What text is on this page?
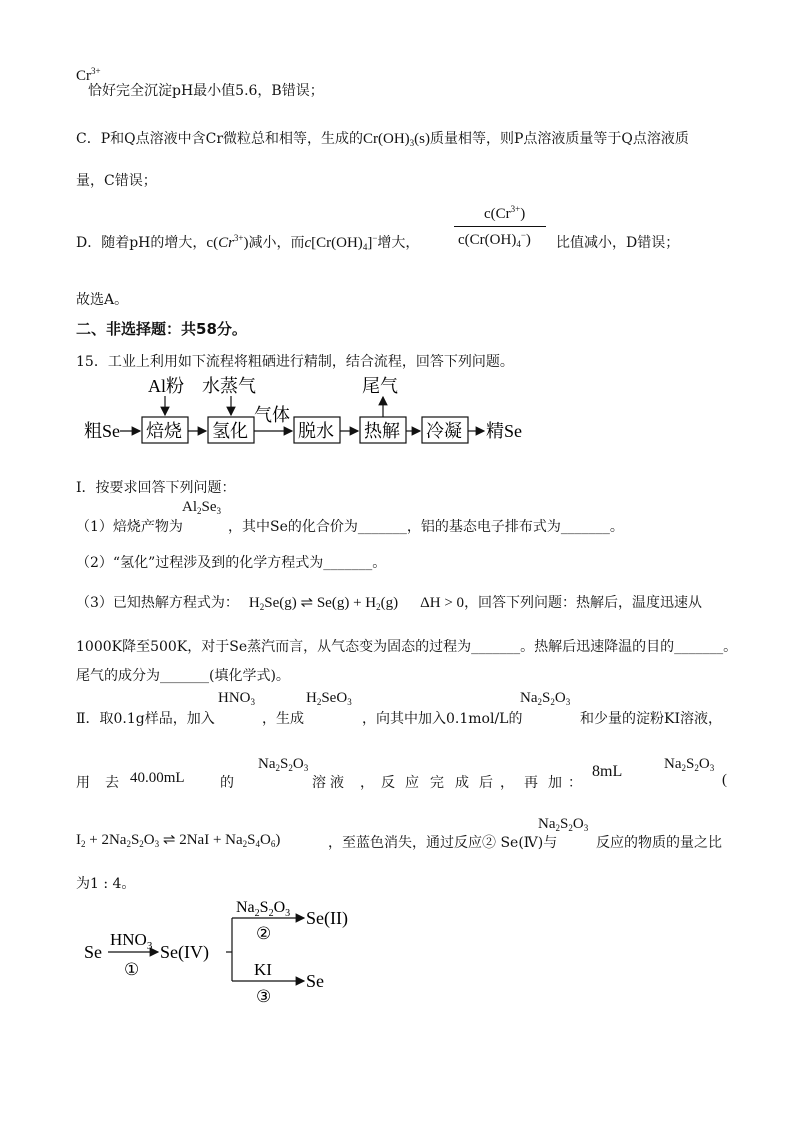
$Cr^{3+}$
恰好完全沉淀pH最小值5.6，B错误；
C．P和Q点溶液中含Cr微粒总和相等，生成的$Cr(OH)_3(s)$质量相等，则P点溶液质量等于Q点溶液质
量，C错误；
D．随着pH的增大，$c(Cr^{3+})$减小，而$c[Cr(OH)_4]^-$增大，
$c(Cr^{3+})$
$c(Cr(OH)_4^-)$ 比值减小，D错误；
故选A。
二、非选择题：共58分。
15．工业上利用如下流程将粗硒进行精制，结合流程，回答下列问题。
粗Se 焙烧 氢化
气体
脱水 热解 冷凝 精Se
Al粉 水蒸气	尾气
Ⅰ．按要求回答下列问题：
（1）焙烧产物为
$Al_2Se_3$
，其中Se的化合价为_______，铝的基态电子排布式为_______。
（2）“氢化”过程涉及到的化学方程式为_______。
（3）已知热解方程式为： $H_2Se(g)$ ⇌ $Se(g) + H_2(g) \Delta H > 0$，回答下列问题：热解后，温度迅速从
1000K降至500K，对于Se蒸汽而言，从气态变为固态的过程为_______。热解后迅速降温的目的_______。
尾气的成分为_______(填化学式)。
Ⅱ．取0.1g样品，加入
$HNO_3$
，生成
$H_2SeO_3$
，向其中加入0.1mol/L的
$Na_2S_2O_3$
和少量的淀粉KI溶液，
用 去 40.00mL	的
$Na_2S_2O_3$
溶 液 ， 反 应 完 成 后 ， 再 加 ：
8mL	$Na_2S_2O_3$
(
$I_2 + 2Na_2S_2O_3$ ⇌ $2NaI + Na_2S_4O_6$)	，至蓝色消失，通过反应② Se(Ⅳ)与
$Na_2S_2O_3$
反应的物质的量之比
为1 : 4。
Se
$HNO_3$
①
Se(IV)
$Na_2S_2O_3$
②
Se(II)
KI
③
Se
